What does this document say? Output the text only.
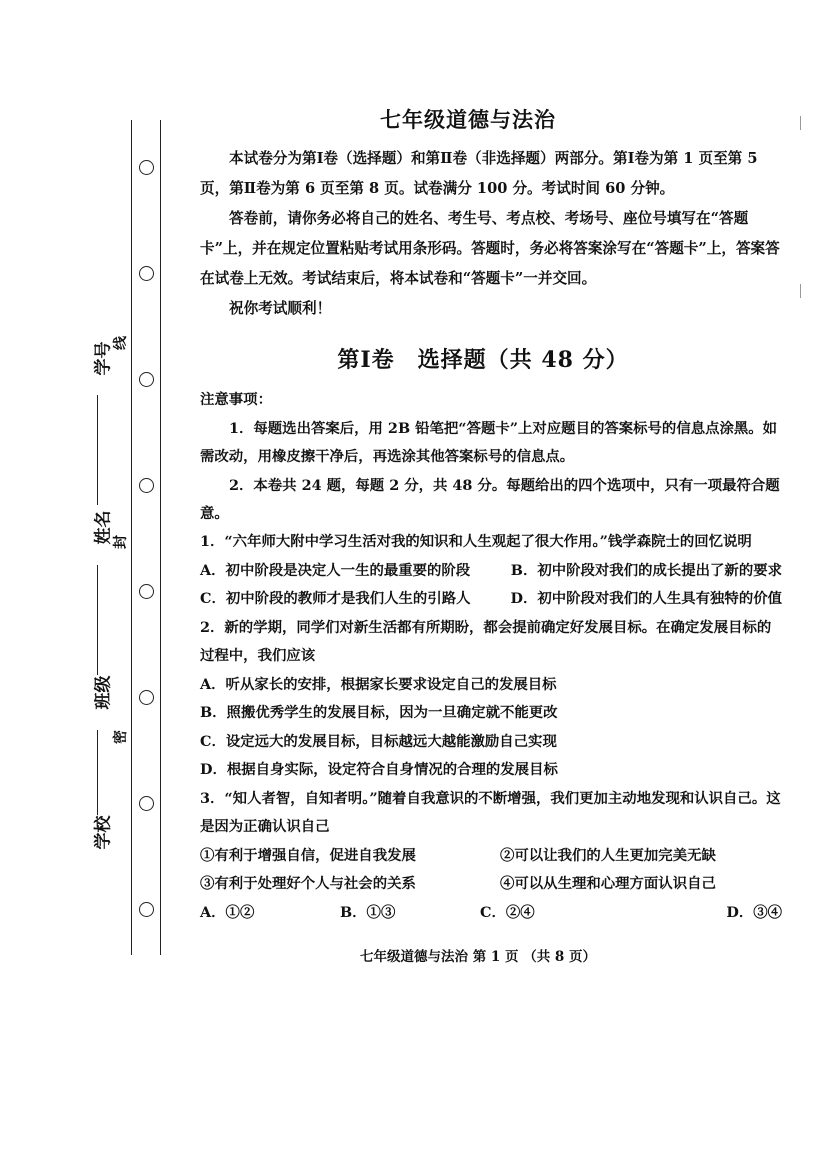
学号
姓名
班级
学校
线
封
密
七年级道德与法治

本试卷分为第Ⅰ卷（选择题）和第Ⅱ卷（非选择题）两部分。第Ⅰ卷为第 1 页至第 5 页，第Ⅱ卷为第 6 页至第 8 页。试卷满分 100 分。考试时间 60 分钟。

答卷前，请你务必将自己的姓名、考生号、考点校、考场号、座位号填写在“答题卡”上，并在规定位置粘贴考试用条形码。答题时，务必将答案涂写在“答题卡”上，答案答在试卷上无效。考试结束后，将本试卷和“答题卡”一并交回。

祝你考试顺利！

第Ⅰ卷　选择题（共 48 分）
注意事项：
1．每题选出答案后，用 2B 铅笔把“答题卡”上对应题目的答案标号的信息点涂黑。如需改动，用橡皮擦干净后，再选涂其他答案标号的信息点。
2．本卷共 24 题，每题 2 分，共 48 分。每题给出的四个选项中，只有一项最符合题意。
1．“六年师大附中学习生活对我的知识和人生观起了很大作用。”钱学森院士的回忆说明
A．初中阶段是决定人一生的最重要的阶段	B．初中阶段对我们的成长提出了新的要求
C．初中阶段的教师才是我们人生的引路人	D．初中阶段对我们的人生具有独特的价值
2．新的学期，同学们对新生活都有所期盼，都会提前确定好发展目标。在确定发展目标的过程中，我们应该
A．听从家长的安排，根据家长要求设定自己的发展目标
B．照搬优秀学生的发展目标，因为一旦确定就不能更改
C．设定远大的发展目标，目标越远大越能激励自己实现
D．根据自身实际，设定符合自身情况的合理的发展目标
3．“知人者智，自知者明。”随着自我意识的不断增强，我们更加主动地发现和认识自己。这是因为正确认识自己
①有利于增强自信，促进自我发展	②可以让我们的人生更加完美无缺
③有利于处理好个人与社会的关系	④可以从生理和心理方面认识自己
A．①②	B．①③	C．②④	D．③④
七年级道德与法治 第 1 页 （共 8 页）
